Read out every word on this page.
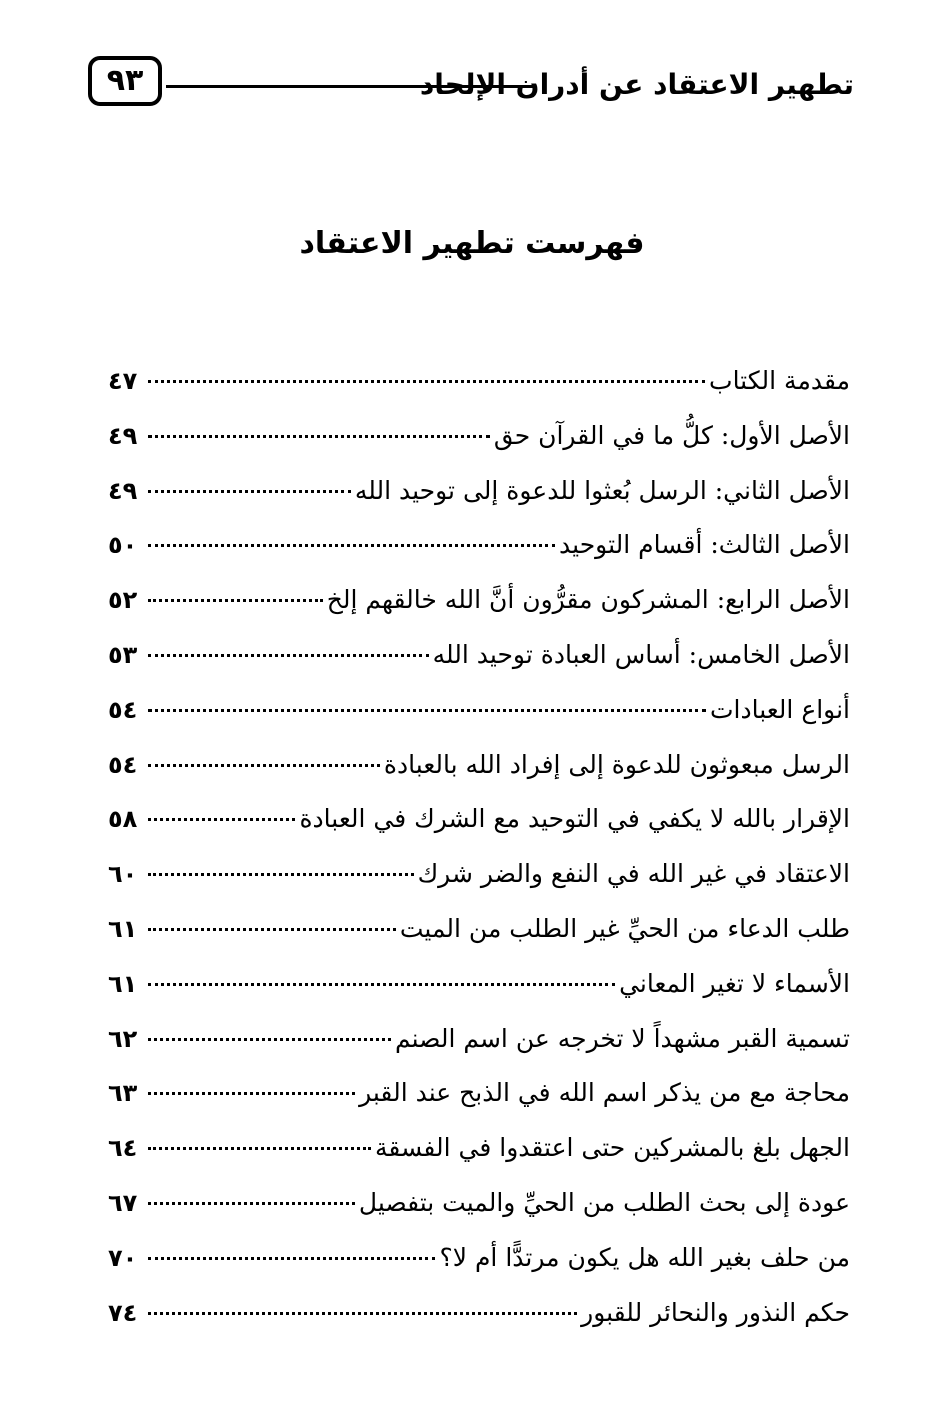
تطهير الاعتقاد عن أدران الإلحاد
٩٣
فهرست تطهير الاعتقاد
مقدمة الكتاب
٤٧
الأصل الأول: كلُّ ما في القرآن حق
٤٩
الأصل الثاني: الرسل بُعثوا للدعوة إلى توحيد الله
٤٩
الأصل الثالث: أقسام التوحيد
٥٠
الأصل الرابع: المشركون مقرُّون أنَّ الله خالقهم إلخ
٥٢
الأصل الخامس: أساس العبادة توحيد الله
٥٣
أنواع العبادات
٥٤
الرسل مبعوثون للدعوة إلى إفراد الله بالعبادة
٥٤
الإقرار بالله لا يكفي في التوحيد مع الشرك في العبادة
٥٨
الاعتقاد في غير الله في النفع والضر شرك
٦٠
طلب الدعاء من الحيِّ غير الطلب من الميت
٦١
الأسماء لا تغير المعاني
٦١
تسمية القبر مشهداً لا تخرجه عن اسم الصنم
٦٢
محاجة مع من يذكر اسم الله في الذبح عند القبر
٦٣
الجهل بلغ بالمشركين حتى اعتقدوا في الفسقة
٦٤
عودة إلى بحث الطلب من الحيِّ والميت بتفصيل
٦٧
من حلف بغير الله هل يكون مرتدًّا أم لا؟
٧٠
حكم النذور والنحائر للقبور
٧٤
